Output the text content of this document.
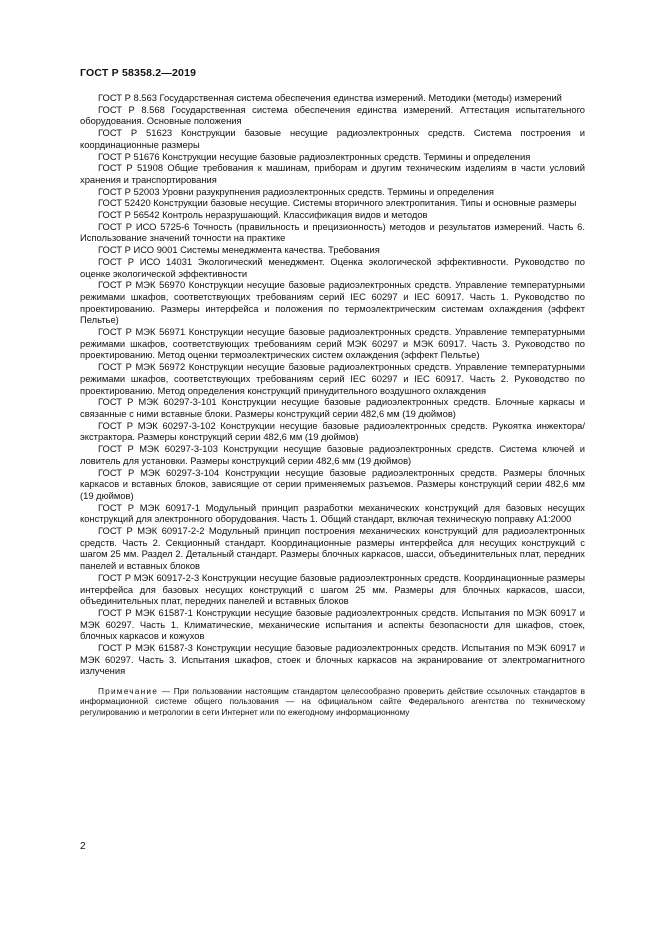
ГОСТ Р 58358.2—2019

ГОСТ Р 8.563 Государственная система обеспечения единства измерений. Методики (методы) измерений

ГОСТ Р 8.568 Государственная система обеспечения единства измерений. Аттестация испытательного оборудования. Основные положения

ГОСТ Р 51623 Конструкции базовые несущие радиоэлектронных средств. Система построения и координационные размеры

ГОСТ Р 51676 Конструкции несущие базовые радиоэлектронных средств. Термины и определения

ГОСТ Р 51908 Общие требования к машинам, приборам и другим техническим изделиям в части условий хранения и транспортирования

ГОСТ Р 52003 Уровни разукрупнения радиоэлектронных средств. Термины и определения

ГОСТ 52420 Конструкции базовые несущие. Системы вторичного электропитания. Типы и основные размеры

ГОСТ Р 56542 Контроль неразрушающий. Классификация видов и методов

ГОСТ Р ИСО 5725-6 Точность (правильность и прецизионность) методов и результатов измерений. Часть 6. Использование значений точности на практике

ГОСТ Р ИСО 9001 Системы менеджмента качества. Требования

ГОСТ Р ИСО 14031 Экологический менеджмент. Оценка экологической эффективности. Руководство по оценке экологической эффективности

ГОСТ Р МЭК 56970 Конструкции несущие базовые радиоэлектронных средств. Управление температурными режимами шкафов, соответствующих требованиям серий IEC 60297 и IEC 60917. Часть 1. Руководство по проектированию. Размеры интерфейса и положения по термоэлектрическим системам охлаждения (эффект Пельтье)

ГОСТ Р МЭК 56971 Конструкции несущие базовые радиоэлектронных средств. Управление температурными режимами шкафов, соответствующих требованиям серий МЭК 60297 и МЭК 60917. Часть 3. Руководство по проектированию. Метод оценки термоэлектрических систем охлаждения (эффект Пельтье)

ГОСТ Р МЭК 56972 Конструкции несущие базовые радиоэлектронных средств. Управление температурными режимами шкафов, соответствующих требованиям серий IEC 60297 и IEC 60917. Часть 2. Руководство по проектированию. Метод определения конструкций принудительного воздушного охлаждения

ГОСТ Р МЭК 60297-3-101 Конструкции несущие базовые радиоэлектронных средств. Блочные каркасы и связанные с ними вставные блоки. Размеры конструкций серии 482,6 мм (19 дюймов)

ГОСТ Р МЭК 60297-3-102 Конструкции несущие базовые радиоэлектронных средств. Рукоятка инжектора/экстрактора. Размеры конструкций серии 482,6 мм (19 дюймов)

ГОСТ Р МЭК 60297-3-103 Конструкции несущие базовые радиоэлектронных средств. Система ключей и ловитель для установки. Размеры конструкций серии 482,6 мм (19 дюймов)

ГОСТ Р МЭК 60297-3-104 Конструкции несущие базовые радиоэлектронных средств. Размеры блочных каркасов и вставных блоков, зависящие от серии применяемых разъемов. Размеры конструкций серии 482,6 мм (19 дюймов)

ГОСТ Р МЭК 60917-1 Модульный принцип разработки механических конструкций для базовых несущих конструкций для электронного оборудования. Часть 1. Общий стандарт, включая техническую поправку А1:2000

ГОСТ Р МЭК 60917-2-2 Модульный принцип построения механических конструкций для радиоэлектронных средств. Часть 2. Секционный стандарт. Координационные размеры интерфейса для несущих конструкций с шагом 25 мм. Раздел 2. Детальный стандарт. Размеры блочных каркасов, шасси, объединительных плат, передних панелей и вставных блоков

ГОСТ Р МЭК 60917-2-3 Конструкции несущие базовые радиоэлектронных средств. Координационные размеры интерфейса для базовых несущих конструкций с шагом 25 мм. Размеры для блочных каркасов, шасси, объединительных плат, передних панелей и вставных блоков

ГОСТ Р МЭК 61587-1 Конструкции несущие базовые радиоэлектронных средств. Испытания по МЭК 60917 и МЭК 60297. Часть 1. Климатические, механические испытания и аспекты безопасности для шкафов, стоек, блочных каркасов и кожухов

ГОСТ Р МЭК 61587-3 Конструкции несущие базовые радиоэлектронных средств. Испытания по МЭК 60917 и МЭК 60297. Часть 3. Испытания шкафов, стоек и блочных каркасов на экранирование от электромагнитного излучения

Примечание — При пользовании настоящим стандартом целесообразно проверить действие ссылочных стандартов в информационной системе общего пользования — на официальном сайте Федерального агентства по техническому регулированию и метрологии в сети Интернет или по ежегодному информационному

2
